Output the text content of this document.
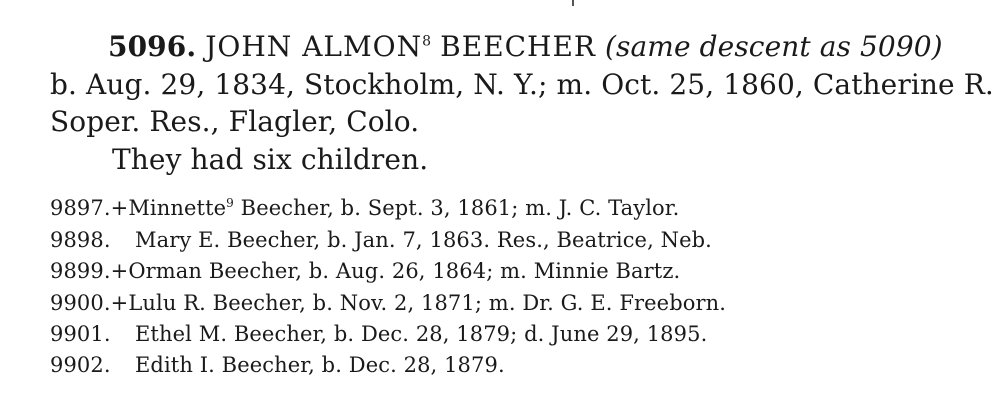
5096. JOHN ALMON$^8$ BEECHER (same descent as 5090)
b. Aug. 29, 1834, Stockholm, N. Y.; m. Oct. 25, 1860, Catherine R.
Soper. Res., Flagler, Colo.
They had six children.
9897.+Minnette$^9$ Beecher, b. Sept. 3, 1861; m. J. C. Taylor.
9898. Mary E. Beecher, b. Jan. 7, 1863. Res., Beatrice, Neb.
9899.+Orman Beecher, b. Aug. 26, 1864; m. Minnie Bartz.
9900.+Lulu R. Beecher, b. Nov. 2, 1871; m. Dr. G. E. Freeborn.
9901. Ethel M. Beecher, b. Dec. 28, 1879; d. June 29, 1895.
9902. Edith I. Beecher, b. Dec. 28, 1879.
